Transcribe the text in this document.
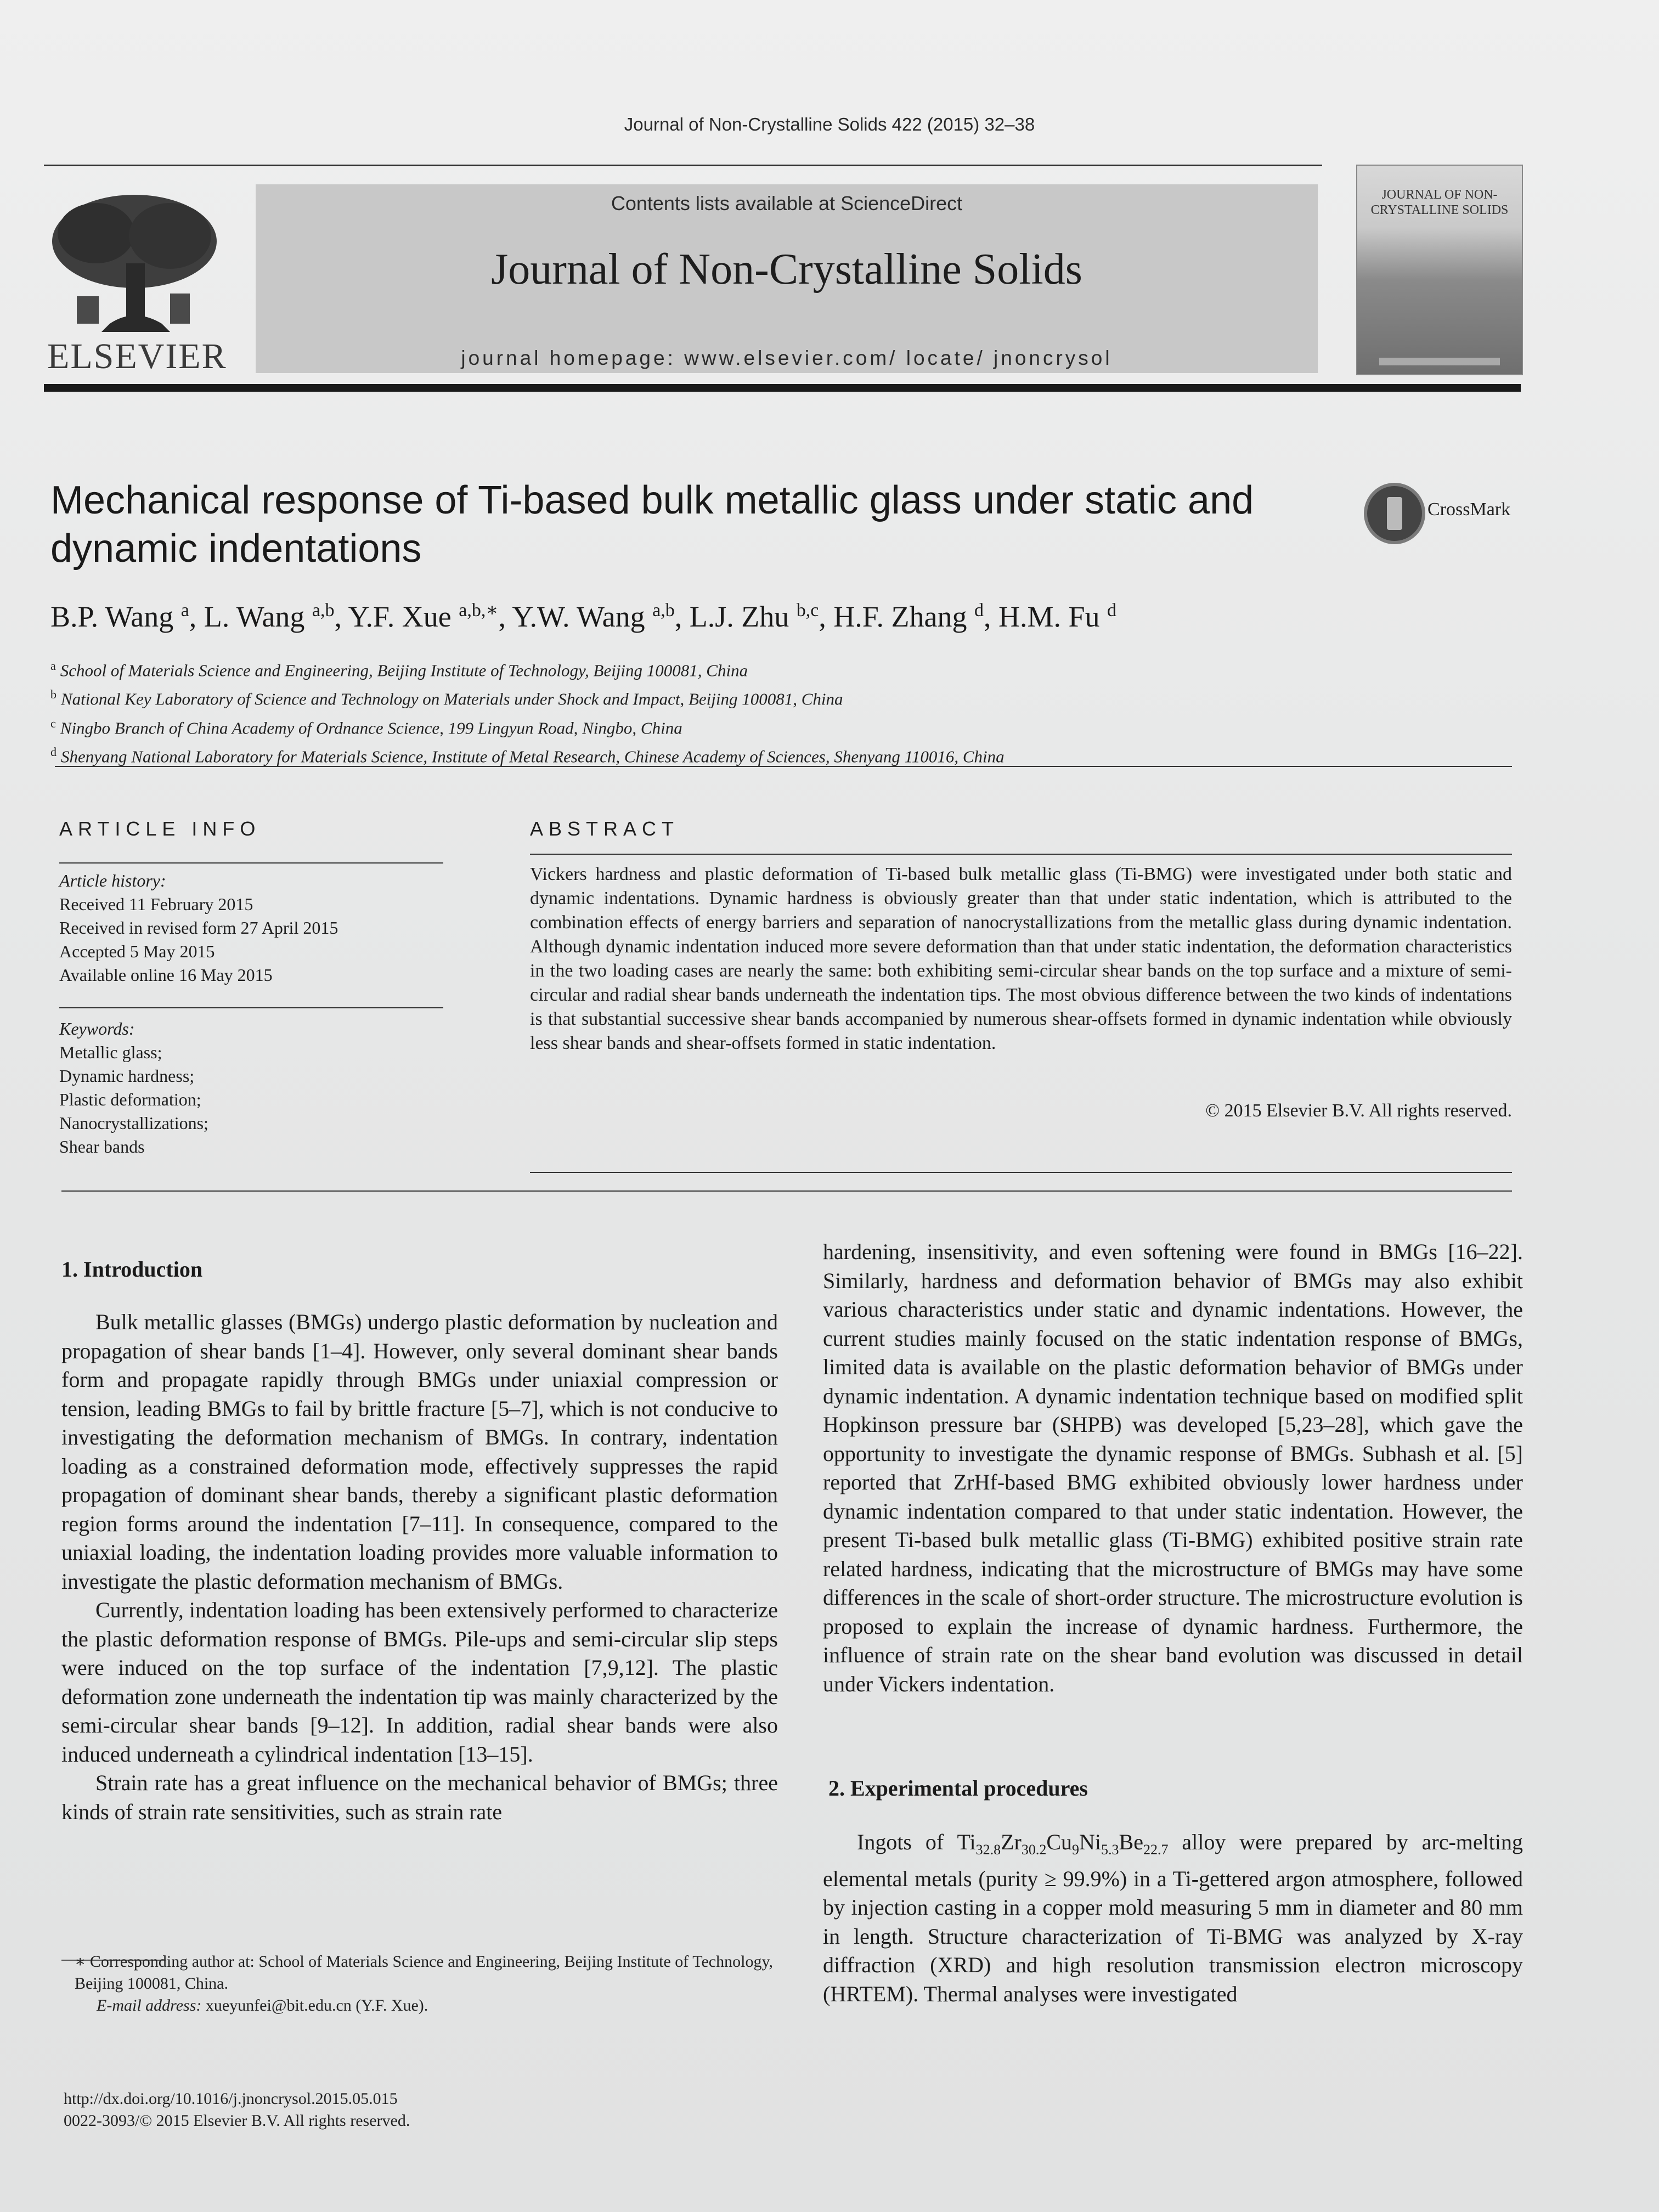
Journal of Non-Crystalline Solids 422 (2015) 32–38
ELSEVIER
Contents lists available at ScienceDirect
Journal of Non-Crystalline Solids
journal homepage: www.elsevier.com/ locate/ jnoncrysol
JOURNAL OF NON-CRYSTALLINE SOLIDS
Mechanical response of Ti-based bulk metallic glass under static and dynamic indentations
CrossMark
B.P. Wang $^a$, L. Wang $^{a,b}$, Y.F. Xue $^{a,b,∗}$, Y.W. Wang $^{a,b}$, L.J. Zhu $^{b,c}$, H.F. Zhang $^d$, H.M. Fu $^d$
$^a$ School of Materials Science and Engineering, Beijing Institute of Technology, Beijing 100081, China
$^b$ National Key Laboratory of Science and Technology on Materials under Shock and Impact, Beijing 100081, China
$^c$ Ningbo Branch of China Academy of Ordnance Science, 199 Lingyun Road, Ningbo, China
$^d$ Shenyang National Laboratory for Materials Science, Institute of Metal Research, Chinese Academy of Sciences, Shenyang 110016, China
ARTICLE INFO
Article history:
Received 11 February 2015
Received in revised form 27 April 2015
Accepted 5 May 2015
Available online 16 May 2015
Keywords:
Metallic glass;
Dynamic hardness;
Plastic deformation;
Nanocrystallizations;
Shear bands
ABSTRACT
Vickers hardness and plastic deformation of Ti-based bulk metallic glass (Ti-BMG) were investigated under both static and dynamic indentations. Dynamic hardness is obviously greater than that under static indentation, which is attributed to the combination effects of energy barriers and separation of nanocrystallizations from the metallic glass during dynamic indentation. Although dynamic indentation induced more severe deformation than that under static indentation, the deformation characteristics in the two loading cases are nearly the same: both exhibiting semi-circular shear bands on the top surface and a mixture of semi-circular and radial shear bands underneath the indentation tips. The most obvious difference between the two kinds of indentations is that substantial successive shear bands accompanied by numerous shear-offsets formed in dynamic indentation while obviously less shear bands and shear-offsets formed in static indentation.
© 2015 Elsevier B.V. All rights reserved.
1. Introduction

Bulk metallic glasses (BMGs) undergo plastic deformation by nucleation and propagation of shear bands [1–4]. However, only several dominant shear bands form and propagate rapidly through BMGs under uniaxial compression or tension, leading BMGs to fail by brittle fracture [5–7], which is not conducive to investigating the deformation mechanism of BMGs. In contrary, indentation loading as a constrained deformation mode, effectively suppresses the rapid propagation of dominant shear bands, thereby a significant plastic deformation region forms around the indentation [7–11]. In consequence, compared to the uniaxial loading, the indentation loading provides more valuable information to investigate the plastic deformation mechanism of BMGs.

Currently, indentation loading has been extensively performed to characterize the plastic deformation response of BMGs. Pile-ups and semi-circular slip steps were induced on the top surface of the indentation [7,9,12]. The plastic deformation zone underneath the indentation tip was mainly characterized by the semi-circular shear bands [9–12]. In addition, radial shear bands were also induced underneath a cylindrical indentation [13–15].

Strain rate has a great influence on the mechanical behavior of BMGs; three kinds of strain rate sensitivities, such as strain rate

∗ Corresponding author at: School of Materials Science and Engineering, Beijing Institute of Technology, Beijing 100081, China.
E-mail address: xueyunfei@bit.edu.cn (Y.F. Xue).
http://dx.doi.org/10.1016/j.jnoncrysol.2015.05.015
0022-3093/© 2015 Elsevier B.V. All rights reserved.

hardening, insensitivity, and even softening were found in BMGs [16–22]. Similarly, hardness and deformation behavior of BMGs may also exhibit various characteristics under static and dynamic indentations. However, the current studies mainly focused on the static indentation response of BMGs, limited data is available on the plastic deformation behavior of BMGs under dynamic indentation. A dynamic indentation technique based on modified split Hopkinson pressure bar (SHPB) was developed [5,23–28], which gave the opportunity to investigate the dynamic response of BMGs. Subhash et al. [5] reported that ZrHf-based BMG exhibited obviously lower hardness under dynamic indentation compared to that under static indentation. However, the present Ti-based bulk metallic glass (Ti-BMG) exhibited positive strain rate related hardness, indicating that the microstructure of BMGs may have some differences in the scale of short-order structure. The microstructure evolution is proposed to explain the increase of dynamic hardness. Furthermore, the influence of strain rate on the shear band evolution was discussed in detail under Vickers indentation.

2. Experimental procedures

Ingots of $Ti_{32.8}Zr_{30.2}Cu_9Ni_{5.3}Be_{22.7}$ alloy were prepared by arc-melting elemental metals (purity ≥ 99.9%) in a Ti-gettered argon atmosphere, followed by injection casting in a copper mold measuring 5 mm in diameter and 80 mm in length. Structure characterization of Ti-BMG was analyzed by X-ray diffraction (XRD) and high resolution transmission electron microscopy (HRTEM). Thermal analyses were investigated
